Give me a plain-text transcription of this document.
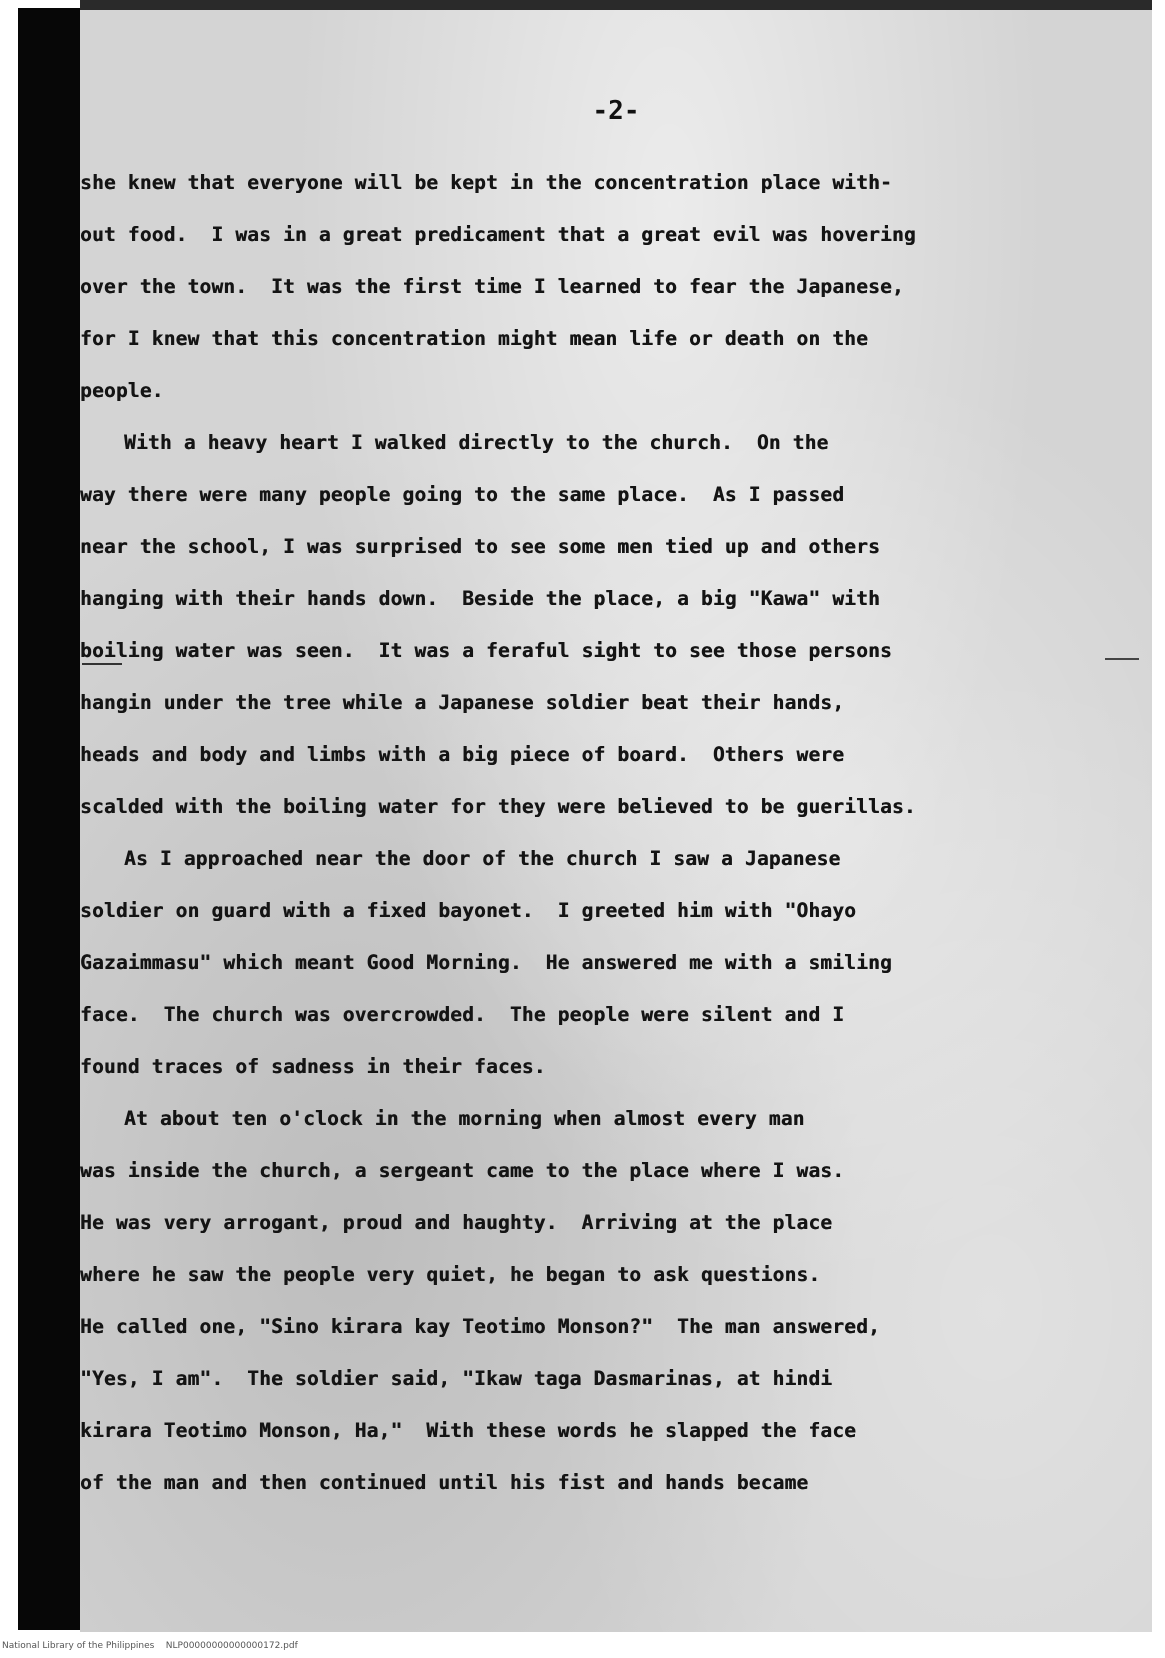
-2-
she knew that everyone will be kept in the concentration place with-
out food.  I was in a great predicament that a great evil was hovering
over the town.  It was the first time I learned to fear the Japanese,
for I knew that this concentration might mean life or death on the
people.
With a heavy heart I walked directly to the church.  On the
way there were many people going to the same place.  As I passed
near the school, I was surprised to see some men tied up and others
hanging with their hands down.  Beside the place, a big "Kawa" with
boiling water was seen.  It was a feraful sight to see those persons
hangin under the tree while a Japanese soldier beat their hands,
heads and body and limbs with a big piece of board.  Others were
scalded with the boiling water for they were believed to be guerillas.
As I approached near the door of the church I saw a Japanese
soldier on guard with a fixed bayonet.  I greeted him with "Ohayo
Gazaimmasu" which meant Good Morning.  He answered me with a smiling
face.  The church was overcrowded.  The people were silent and I
found traces of sadness in their faces.
At about ten o'clock in the morning when almost every man
was inside the church, a sergeant came to the place where I was.
He was very arrogant, proud and haughty.  Arriving at the place
where he saw the people very quiet, he began to ask questions.
He called one, "Sino kirara kay Teotimo Monson?"  The man answered,
"Yes, I am".  The soldier said, "Ikaw taga Dasmarinas, at hindi
kirara Teotimo Monson, Ha,"  With these words he slapped the face
of the man and then continued until his fist and hands became
National Library of the Philippines    NLP00000000000000172.pdf
